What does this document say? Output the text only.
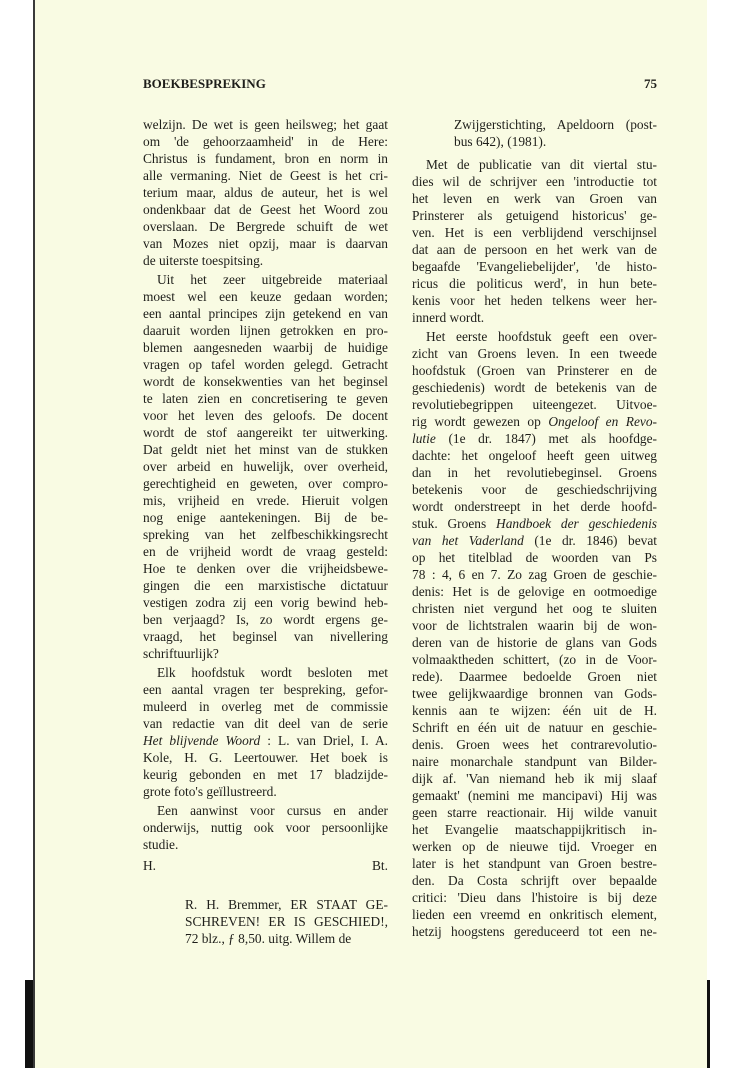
BOEKBESPREKING	75
welzijn. De wet is geen heilsweg; het gaat
om 'de gehoorzaamheid' in de Here:
Christus is fundament, bron en norm in
alle vermaning. Niet de Geest is het cri-
terium maar, aldus de auteur, het is wel
ondenkbaar dat de Geest het Woord zou
overslaan. De Bergrede schuift de wet
van Mozes niet opzij, maar is daarvan
de uiterste toespitsing.
Uit het zeer uitgebreide materiaal
moest wel een keuze gedaan worden;
een aantal principes zijn getekend en van
daaruit worden lijnen getrokken en pro-
blemen aangesneden waarbij de huidige
vragen op tafel worden gelegd. Getracht
wordt de konsekwenties van het beginsel
te laten zien en concretisering te geven
voor het leven des geloofs. De docent
wordt de stof aangereikt ter uitwerking.
Dat geldt niet het minst van de stukken
over arbeid en huwelijk, over overheid,
gerechtigheid en geweten, over compro-
mis, vrijheid en vrede. Hieruit volgen
nog enige aantekeningen. Bij de be-
spreking van het zelfbeschikkingsrecht
en de vrijheid wordt de vraag gesteld:
Hoe te denken over die vrijheidsbewe-
gingen die een marxistische dictatuur
vestigen zodra zij een vorig bewind heb-
ben verjaagd? Is, zo wordt ergens ge-
vraagd, het beginsel van nivellering
schriftuurlijk?
Elk hoofdstuk wordt besloten met
een aantal vragen ter bespreking, gefor-
muleerd in overleg met de commissie
van redactie van dit deel van de serie
Het blijvende Woord : L. van Driel, I. A.
Kole, H. G. Leertouwer. Het boek is
keurig gebonden en met 17 bladzijde-
grote foto's geïllustreerd.
Een aanwinst voor cursus en ander
onderwijs, nuttig ook voor persoonlijke
studie.
H.	Bt.
R. H. Bremmer, ER STAAT GE-
SCHREVEN! ER IS GESCHIED!,
72 blz., ƒ 8,50. uitg. Willem de
Zwijgerstichting, Apeldoorn (post-
bus 642), (1981).
Met de publicatie van dit viertal stu-
dies wil de schrijver een 'introductie tot
het leven en werk van Groen van
Prinsterer als getuigend historicus' ge-
ven. Het is een verblijdend verschijnsel
dat aan de persoon en het werk van de
begaafde 'Evangeliebelijder', 'de histo-
ricus die politicus werd', in hun bete-
kenis voor het heden telkens weer her-
innerd wordt.
Het eerste hoofdstuk geeft een over-
zicht van Groens leven. In een tweede
hoofdstuk (Groen van Prinsterer en de
geschiedenis) wordt de betekenis van de
revolutiebegrippen uiteengezet. Uitvoe-
rig wordt gewezen op Ongeloof en Revo-
lutie (1e dr. 1847) met als hoofdge-
dachte: het ongeloof heeft geen uitweg
dan in het revolutiebeginsel. Groens
betekenis voor de geschiedschrijving
wordt onderstreept in het derde hoofd-
stuk. Groens Handboek der geschiedenis
van het Vaderland (1e dr. 1846) bevat
op het titelblad de woorden van Ps
78 : 4, 6 en 7. Zo zag Groen de geschie-
denis: Het is de gelovige en ootmoedige
christen niet vergund het oog te sluiten
voor de lichtstralen waarin bij de won-
deren van de historie de glans van Gods
volmaaktheden schittert, (zo in de Voor-
rede). Daarmee bedoelde Groen niet
twee gelijkwaardige bronnen van Gods-
kennis aan te wijzen: één uit de H.
Schrift en één uit de natuur en geschie-
denis. Groen wees het contrarevolutio-
naire monarchale standpunt van Bilder-
dijk af. 'Van niemand heb ik mij slaaf
gemaakt' (nemini me mancipavi) Hij was
geen starre reactionair. Hij wilde vanuit
het Evangelie maatschappijkritisch in-
werken op de nieuwe tijd. Vroeger en
later is het standpunt van Groen bestre-
den. Da Costa schrijft over bepaalde
critici: 'Dieu dans l'histoire is bij deze
lieden een vreemd en onkritisch element,
hetzij hoogstens gereduceerd tot een ne-
